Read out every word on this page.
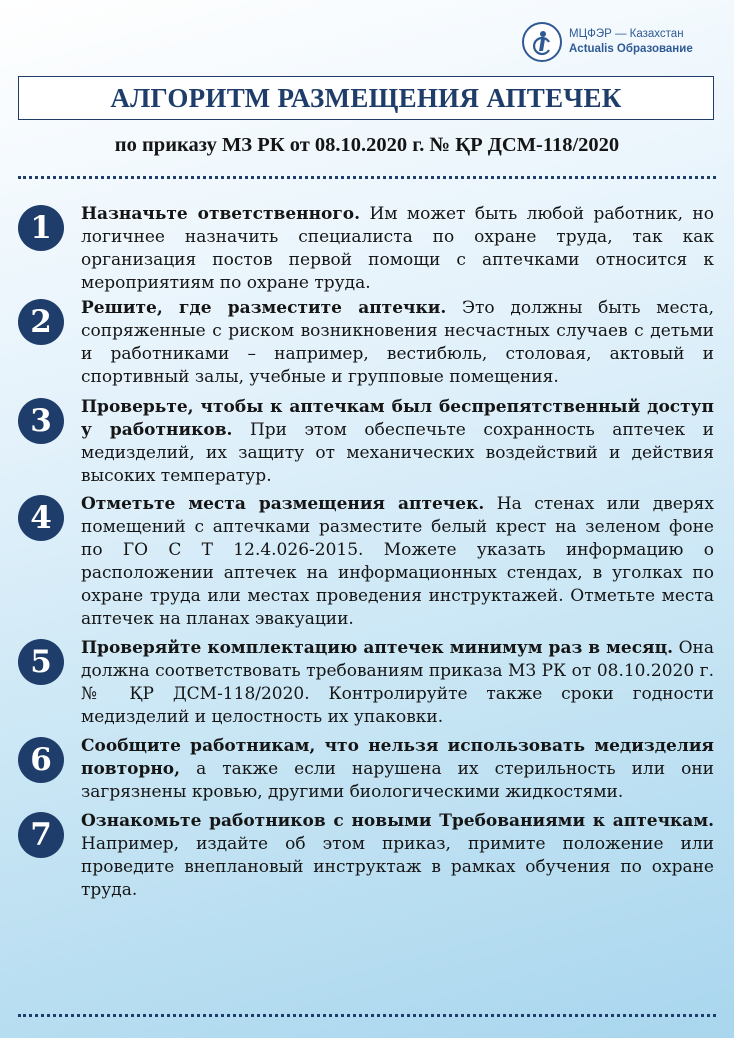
МЦФЭР — Казахстан
Actualis Образование
АЛГОРИТМ РАЗМЕЩЕНИЯ АПТЕЧЕК
по приказу МЗ РК от 08.10.2020 г. № ҚР ДСМ-118/2020
1 Назначьте ответственного. Им может быть любой работник, но логичнее назначить специалиста по охране труда, так как организация постов первой помощи с аптечками относится к мероприятиям по охране труда.
2 Решите, где разместите аптечки. Это должны быть места, сопряженные с риском возникновения несчастных случаев с детьми и работниками – например, вестибюль, столовая, актовый и спортивный залы, учебные и групповые помещения.
3 Проверьте, чтобы к аптечкам был беспрепятственный доступ у работников. При этом обеспечьте сохранность аптечек и медизделий, их защиту от механических воздействий и действия высоких температур.
4 Отметьте места размещения аптечек. На стенах или дверях помещений с аптечками разместите белый крест на зеленом фоне по ГО С Т 12.4.026-2015. Можете указать информацию о расположении аптечек на информационных стендах, в уголках по охране труда или местах проведения инструктажей. Отметьте места аптечек на планах эвакуации.
5 Проверяйте комплектацию аптечек минимум раз в месяц. Она должна соответствовать требованиям приказа МЗ РК от 08.10.2020 г. № ҚР ДСМ-118/2020. Контролируйте также сроки годности медизделий и целостность их упаковки.
6 Сообщите работникам, что нельзя использовать медизделия повторно, а также если нарушена их стерильность или они загрязнены кровью, другими биологическими жидкостями.
7 Ознакомьте работников с новыми Требованиями к аптечкам. Например, издайте об этом приказ, примите положение или проведите внеплановый инструктаж в рамках обучения по охране труда.
